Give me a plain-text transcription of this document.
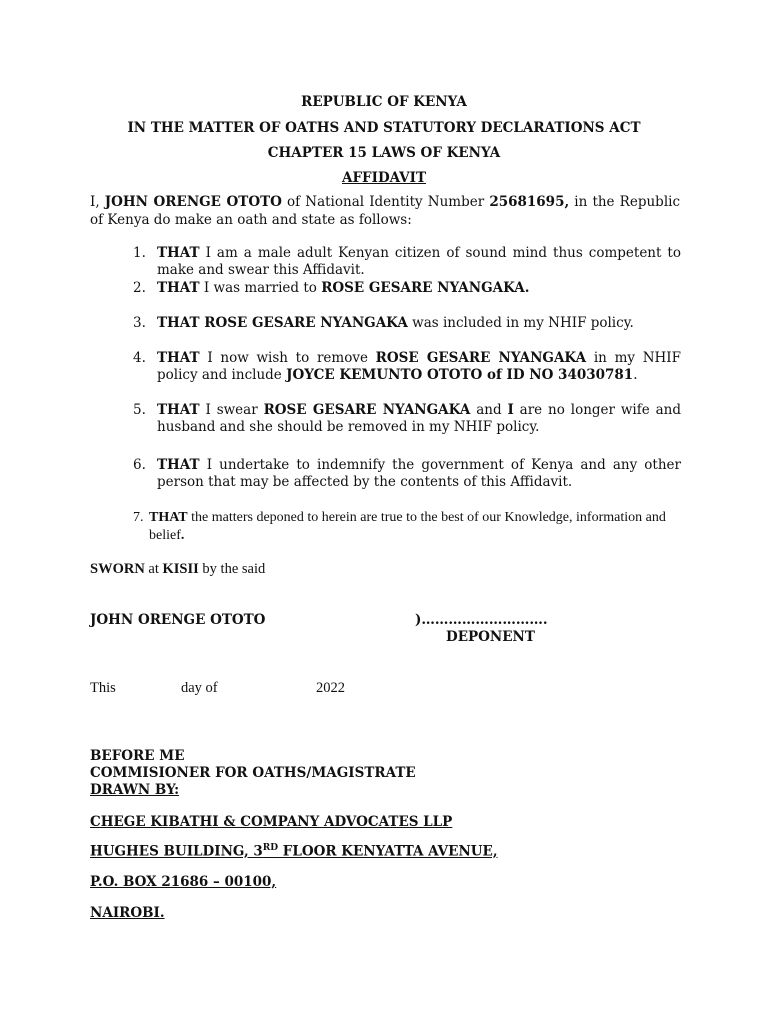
REPUBLIC OF KENYA
IN THE MATTER OF OATHS AND STATUTORY DECLARATIONS ACT
CHAPTER 15 LAWS OF KENYA
AFFIDAVIT
I, JOHN ORENGE OTOTO of National Identity Number 25681695, in the Republic of Kenya do make an oath and state as follows:
1. THAT I am a male adult Kenyan citizen of sound mind thus competent to make and swear this Affidavit.
2. THAT I was married to ROSE GESARE NYANGAKA.
3. THAT ROSE GESARE NYANGAKA was included in my NHIF policy.
4. THAT I now wish to remove ROSE GESARE NYANGAKA in my NHIF policy and include JOYCE KEMUNTO OTOTO of ID NO 34030781.
5. THAT I swear ROSE GESARE NYANGAKA and I are no longer wife and husband and she should be removed in my NHIF policy.
6. THAT I undertake to indemnify the government of Kenya and any other person that may be affected by the contents of this Affidavit.
7. THAT the matters deponed to herein are true to the best of our Knowledge, information and belief.
SWORN at KISII by the said
JOHN ORENGE OTOTO	)……………………….
DEPONENT
This	day of	2022
BEFORE ME
COMMISIONER FOR OATHS/MAGISTRATE
DRAWN BY:
CHEGE KIBATHI & COMPANY ADVOCATES LLP
HUGHES BUILDING, 3RD FLOOR KENYATTA AVENUE,
P.O. BOX 21686 – 00100,
NAIROBI.
